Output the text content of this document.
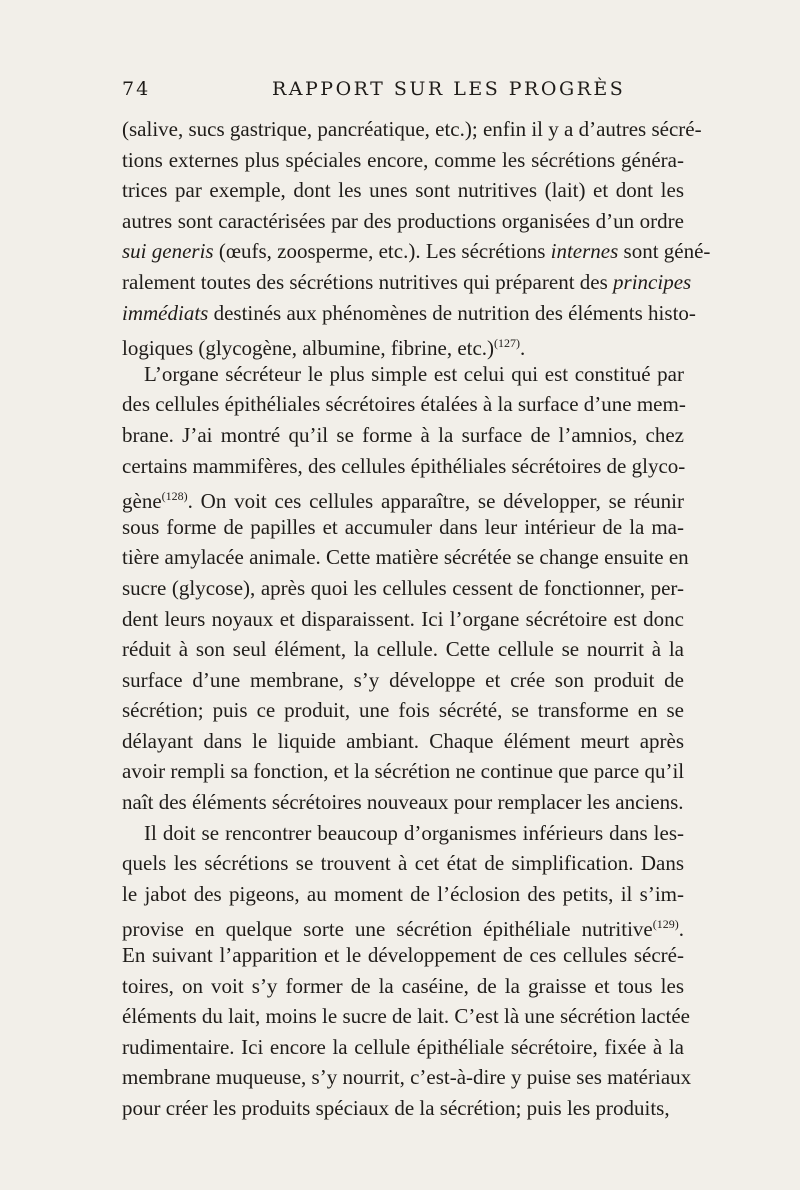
74	RAPPORT SUR LES PROGRÈS
(salive, sucs gastrique, pancréatique, etc.); enfin il y a d’autres sécré-
tions externes plus spéciales encore, comme les sécrétions généra-
trices par exemple, dont les unes sont nutritives (lait) et dont les
autres sont caractérisées par des productions organisées d’un ordre
sui generis (œufs, zoosperme, etc.). Les sécrétions internes sont géné-
ralement toutes des sécrétions nutritives qui préparent des principes
immédiats destinés aux phénomènes de nutrition des éléments histo-
logiques (glycogène, albumine, fibrine, etc.)$^{(127)}$.
L’organe sécréteur le plus simple est celui qui est constitué par
des cellules épithéliales sécrétoires étalées à la surface d’une mem-
brane. J’ai montré qu’il se forme à la surface de l’amnios, chez
certains mammifères, des cellules épithéliales sécrétoires de glyco-
gène$^{(128)}$. On voit ces cellules apparaître, se développer, se réunir
sous forme de papilles et accumuler dans leur intérieur de la ma-
tière amylacée animale. Cette matière sécrétée se change ensuite en
sucre (glycose), après quoi les cellules cessent de fonctionner, per-
dent leurs noyaux et disparaissent. Ici l’organe sécrétoire est donc
réduit à son seul élément, la cellule. Cette cellule se nourrit à la
surface d’une membrane, s’y développe et crée son produit de
sécrétion; puis ce produit, une fois sécrété, se transforme en se
délayant dans le liquide ambiant. Chaque élément meurt après
avoir rempli sa fonction, et la sécrétion ne continue que parce qu’il
naît des éléments sécrétoires nouveaux pour remplacer les anciens.
Il doit se rencontrer beaucoup d’organismes inférieurs dans les-
quels les sécrétions se trouvent à cet état de simplification. Dans
le jabot des pigeons, au moment de l’éclosion des petits, il s’im-
provise en quelque sorte une sécrétion épithéliale nutritive$^{(129)}$.
En suivant l’apparition et le développement de ces cellules sécré-
toires, on voit s’y former de la caséine, de la graisse et tous les
éléments du lait, moins le sucre de lait. C’est là une sécrétion lactée
rudimentaire. Ici encore la cellule épithéliale sécrétoire, fixée à la
membrane muqueuse, s’y nourrit, c’est-à-dire y puise ses matériaux
pour créer les produits spéciaux de la sécrétion; puis les produits,
